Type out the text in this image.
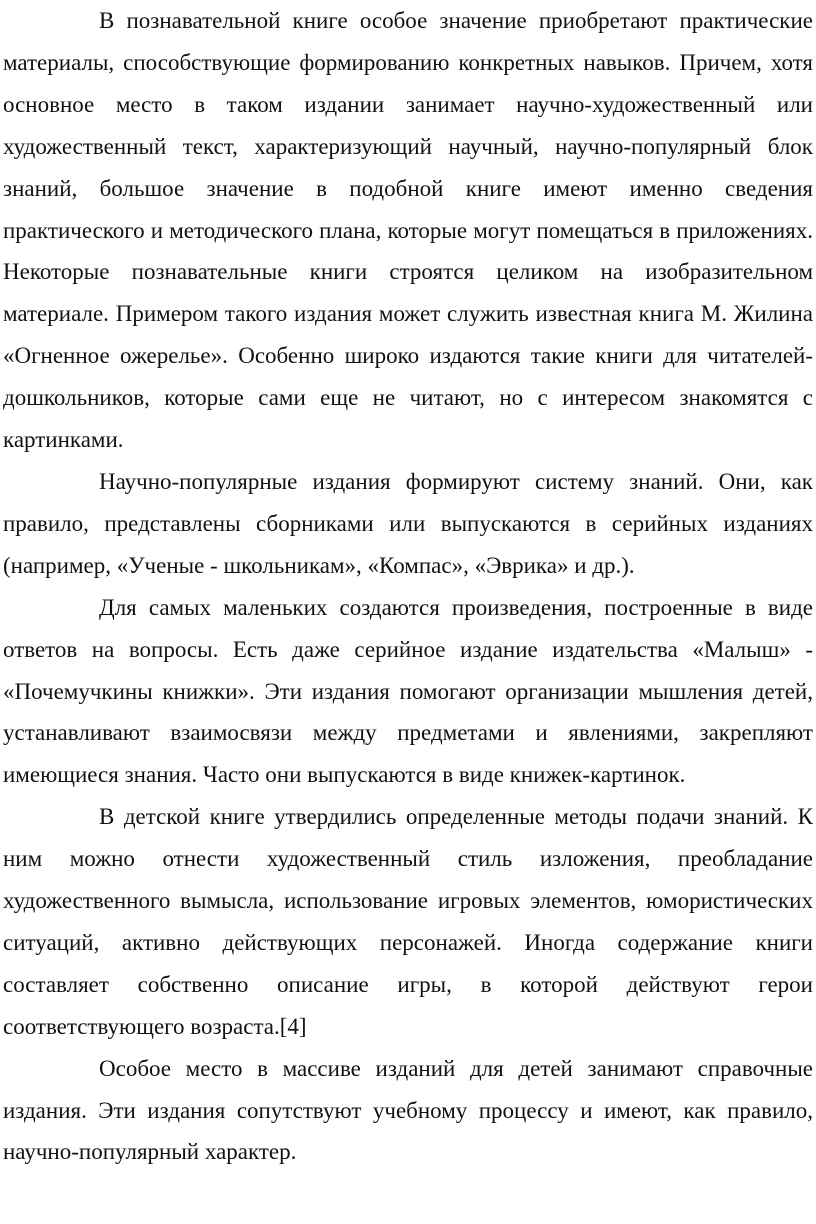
В познавательной книге особое значение приобретают практические материалы, способствующие формированию конкретных навыков. Причем, хотя основное место в таком издании занимает научно-художественный или художественный текст, характеризующий научный, научно-популярный блок знаний, большое значение в подобной книге имеют именно сведения практического и методического плана, которые могут помещаться в приложениях. Некоторые познавательные книги строятся целиком на изобразительном материале. Примером такого издания может служить известная книга М. Жилина «Огненное ожерелье». Особенно широко издаются такие книги для читателей-дошкольников, которые сами еще не читают, но с интересом знакомятся с картинками.

Научно-популярные издания формируют систему знаний. Они, как правило, представлены сборниками или выпускаются в серийных изданиях (например, «Ученые - школьникам», «Компас», «Эврика» и др.).

Для самых маленьких создаются произведения, построенные в виде ответов на вопросы. Есть даже серийное издание издательства «Малыш» - «Почемучкины книжки». Эти издания помогают организации мышления детей, устанавливают взаимосвязи между предметами и явлениями, закрепляют имеющиеся знания. Часто они выпускаются в виде книжек-картинок.

В детской книге утвердились определенные методы подачи знаний. К ним можно отнести художественный стиль изложения, преобладание художественного вымысла, использование игровых элементов, юмористических ситуаций, активно действующих персонажей. Иногда содержание книги составляет собственно описание игры, в которой действуют герои соответствующего возраста.[4]

Особое место в массиве изданий для детей занимают справочные издания. Эти издания сопутствуют учебному процессу и имеют, как правило, научно-популярный характер.
